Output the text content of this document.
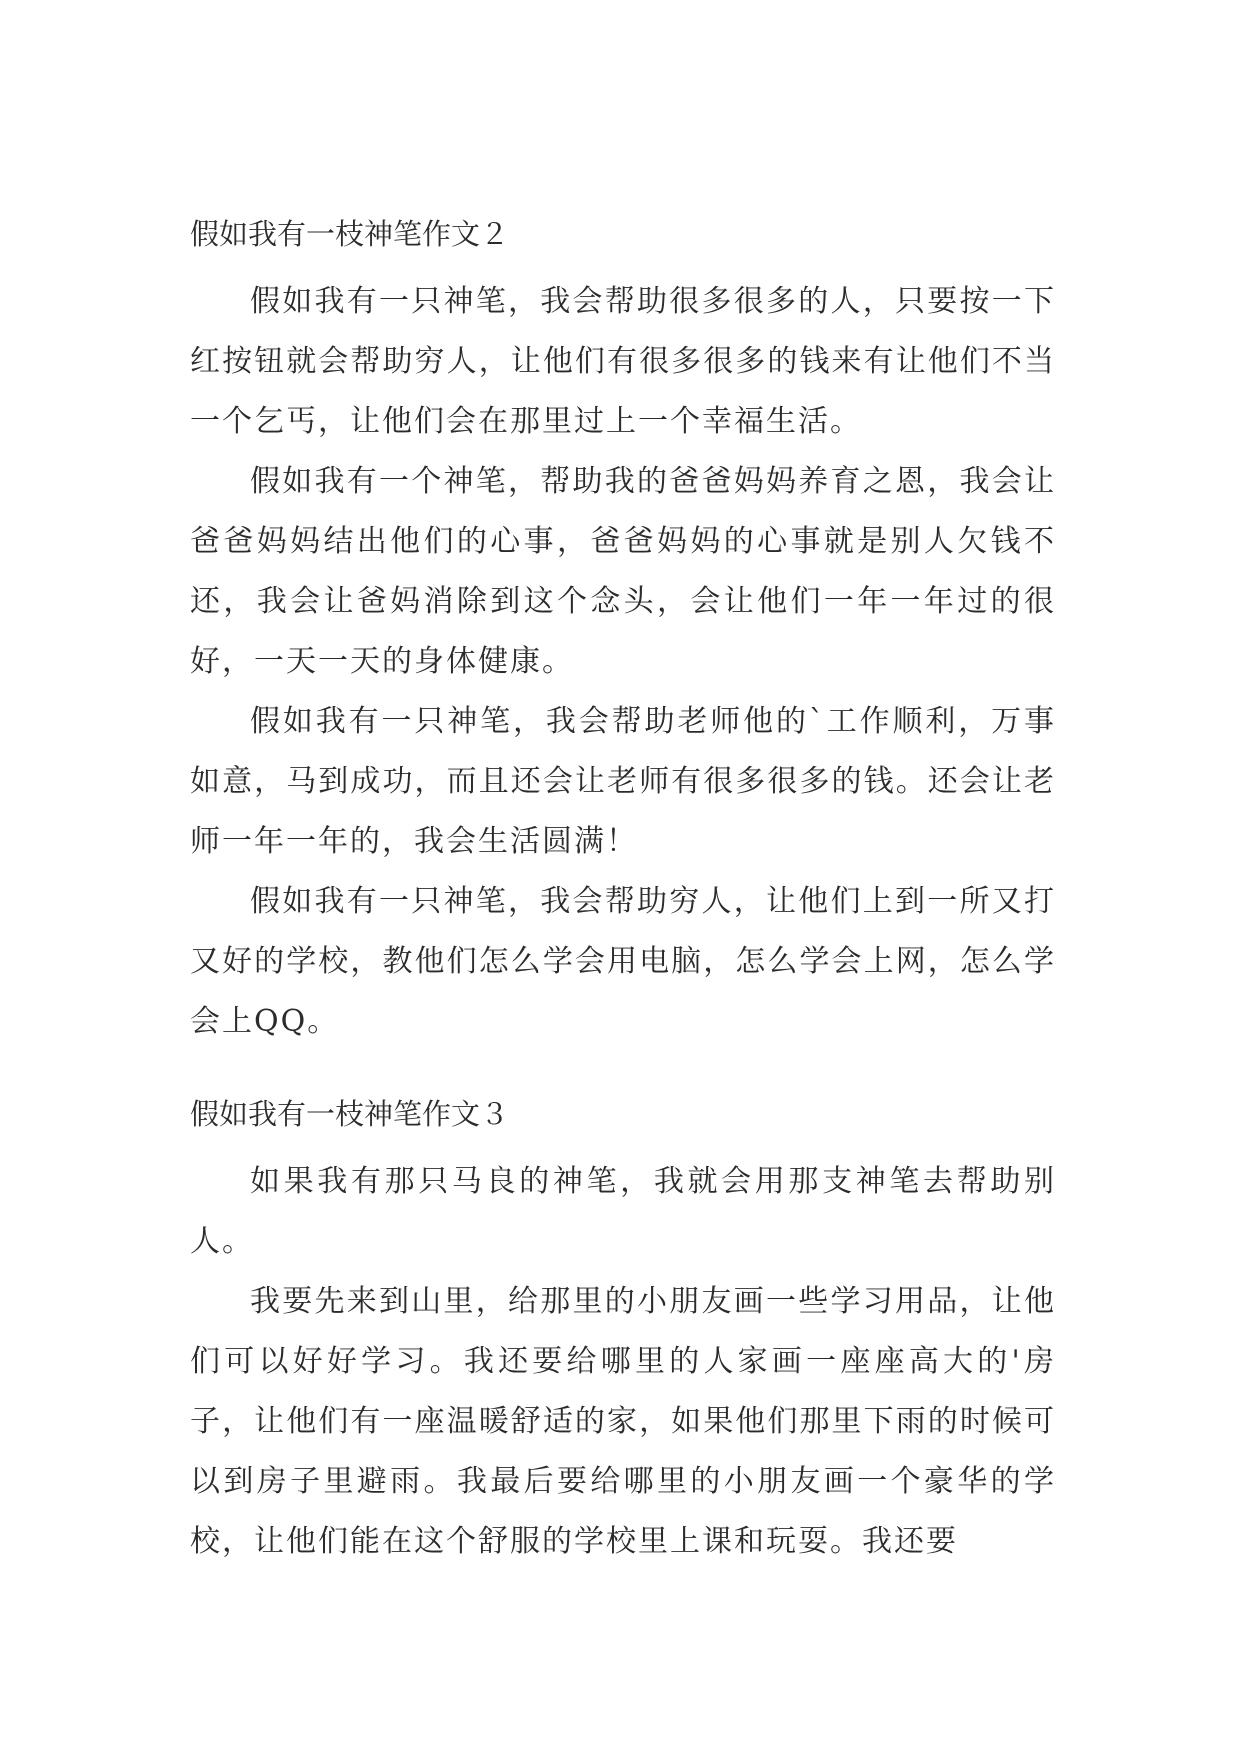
假如我有一枝神笔作文２

假如我有一只神笔，我会帮助很多很多的人，只要按一下红按钮就会帮助穷人，让他们有很多很多的钱来有让他们不当一个乞丐，让他们会在那里过上一个幸福生活。

假如我有一个神笔，帮助我的爸爸妈妈养育之恩，我会让爸爸妈妈结出他们的心事，爸爸妈妈的心事就是别人欠钱不还，我会让爸妈消除到这个念头，会让他们一年一年过的很好，一天一天的身体健康。

假如我有一只神笔，我会帮助老师他的`工作顺利，万事如意，马到成功，而且还会让老师有很多很多的钱。还会让老师一年一年的，我会生活圆满！

假如我有一只神笔，我会帮助穷人，让他们上到一所又打又好的学校，教他们怎么学会用电脑，怎么学会上网，怎么学会上QQ。

假如我有一枝神笔作文３

如果我有那只马良的神笔，我就会用那支神笔去帮助别人。

我要先来到山里，给那里的小朋友画一些学习用品，让他们可以好好学习。我还要给哪里的人家画一座座高大的'房子，让他们有一座温暖舒适的家，如果他们那里下雨的时候可以到房子里避雨。我最后要给哪里的小朋友画一个豪华的学校，让他们能在这个舒服的学校里上课和玩耍。我还要
